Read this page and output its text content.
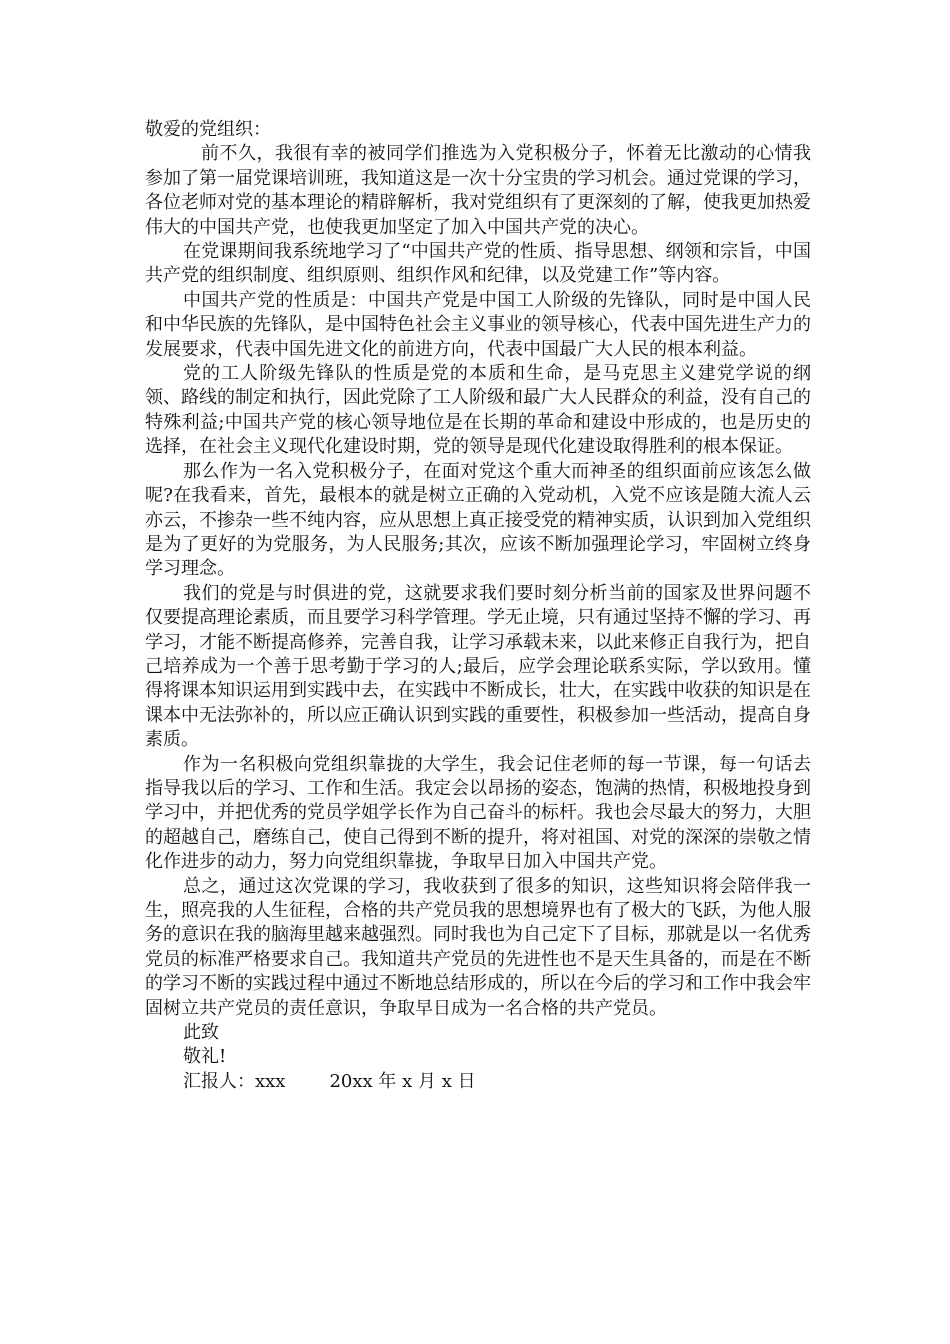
敬爱的党组织：

前不久，我很有幸的被同学们推选为入党积极分子，怀着无比激动的心情我参加了第一届党课培训班，我知道这是一次十分宝贵的学习机会。通过党课的学习，各位老师对党的基本理论的精辟解析，我对党组织有了更深刻的了解，使我更加热爱伟大的中国共产党，也使我更加坚定了加入中国共产党的决心。

在党课期间我系统地学习了“中国共产党的性质、指导思想、纲领和宗旨，中国共产党的组织制度、组织原则、组织作风和纪律，以及党建工作”等内容。

中国共产党的性质是：中国共产党是中国工人阶级的先锋队，同时是中国人民和中华民族的先锋队，是中国特色社会主义事业的领导核心，代表中国先进生产力的发展要求，代表中国先进文化的前进方向，代表中国最广大人民的根本利益。

党的工人阶级先锋队的性质是党的本质和生命，是马克思主义建党学说的纲领、路线的制定和执行，因此党除了工人阶级和最广大人民群众的利益，没有自己的特殊利益;中国共产党的核心领导地位是在长期的革命和建设中形成的，也是历史的选择，在社会主义现代化建设时期，党的领导是现代化建设取得胜利的根本保证。

那么作为一名入党积极分子，在面对党这个重大而神圣的组织面前应该怎么做呢?在我看来，首先，最根本的就是树立正确的入党动机，入党不应该是随大流人云亦云，不掺杂一些不纯内容，应从思想上真正接受党的精神实质，认识到加入党组织是为了更好的为党服务，为人民服务;其次，应该不断加强理论学习，牢固树立终身学习理念。

我们的党是与时俱进的党，这就要求我们要时刻分析当前的国家及世界问题不仅要提高理论素质，而且要学习科学管理。学无止境，只有通过坚持不懈的学习、再学习，才能不断提高修养，完善自我，让学习承载未来，以此来修正自我行为，把自己培养成为一个善于思考勤于学习的人;最后，应学会理论联系实际，学以致用。懂得将课本知识运用到实践中去，在实践中不断成长，壮大，在实践中收获的知识是在课本中无法弥补的，所以应正确认识到实践的重要性，积极参加一些活动，提高自身素质。

作为一名积极向党组织靠拢的大学生，我会记住老师的每一节课，每一句话去指导我以后的学习、工作和生活。我定会以昂扬的姿态，饱满的热情，积极地投身到学习中，并把优秀的党员学姐学长作为自己奋斗的标杆。我也会尽最大的努力，大胆的超越自己，磨练自己，使自己得到不断的提升，将对祖国、对党的深深的崇敬之情化作进步的动力，努力向党组织靠拢，争取早日加入中国共产党。

总之，通过这次党课的学习，我收获到了很多的知识，这些知识将会陪伴我一生，照亮我的人生征程，合格的共产党员我的思想境界也有了极大的飞跃，为他人服务的意识在我的脑海里越来越强烈。同时我也为自己定下了目标，那就是以一名优秀党员的标准严格要求自己。我知道共产党员的先进性也不是天生具备的，而是在不断的学习不断的实践过程中通过不断地总结形成的，所以在今后的学习和工作中我会牢固树立共产党员的责任意识，争取早日成为一名合格的共产党员。

此致

敬礼!

汇报人：xxx 20xx 年 x 月 x 日
